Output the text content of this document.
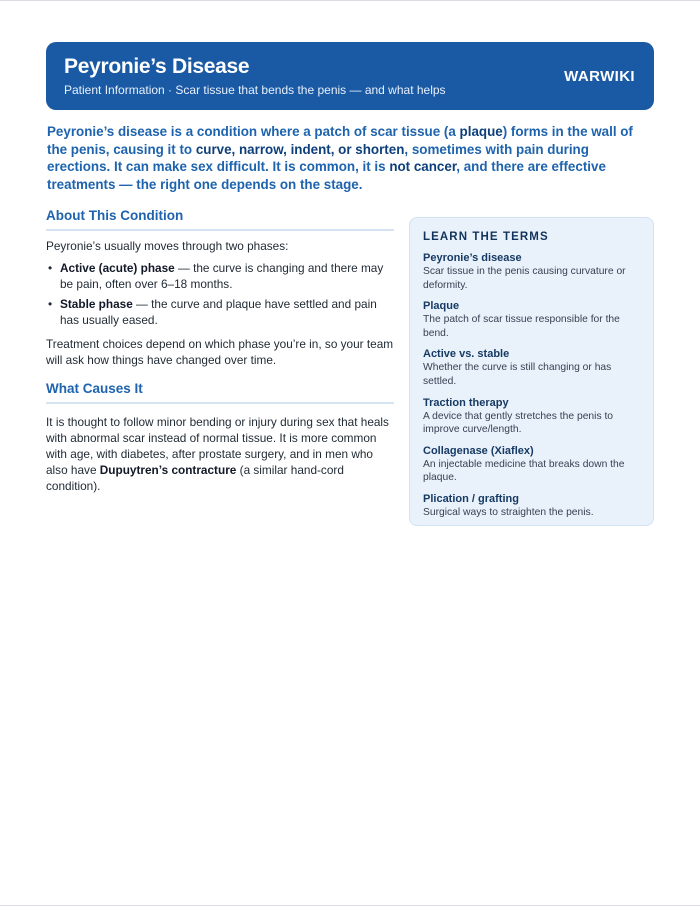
Peyronie’s Disease
Patient Information · Scar tissue that bends the penis — and what helps
WARWIKI

Peyronie’s disease is a condition where a patch of scar tissue (a plaque) forms in the wall of the penis, causing it to curve, narrow, indent, or shorten, sometimes with pain during erections. It can make sex difficult. It is common, it is not cancer, and there are effective treatments — the right one depends on the stage.

About This Condition

Peyronie’s usually moves through two phases:

• Active (acute) phase — the curve is changing and there may be pain, often over 6–18 months.
• Stable phase — the curve and plaque have settled and pain has usually eased.

Treatment choices depend on which phase you’re in, so your team will ask how things have changed over time.

What Causes It

It is thought to follow minor bending or injury during sex that heals with abnormal scar instead of normal tissue. It is more common with age, with diabetes, after prostate surgery, and in men who also have Dupuytren’s contracture (a similar hand-cord condition).

LEARN THE TERMS
Peyronie’s disease
Scar tissue in the penis causing curvature or deformity.
Plaque
The patch of scar tissue responsible for the bend.
Active vs. stable
Whether the curve is still changing or has settled.
Traction therapy
A device that gently stretches the penis to improve curve/length.
Collagenase (Xiaflex)
An injectable medicine that breaks down the plaque.
Plication / grafting
Surgical ways to straighten the penis.
